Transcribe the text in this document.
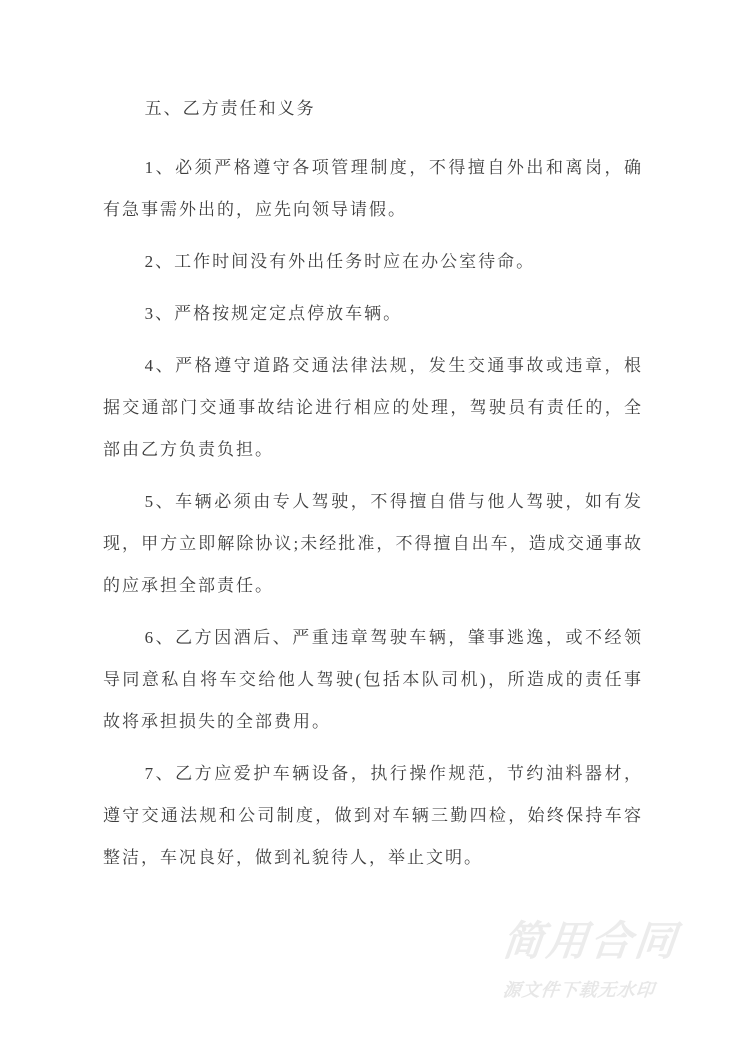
五、乙方责任和义务

1、必须严格遵守各项管理制度，不得擅自外出和离岗，确有急事需外出的，应先向领导请假。

2、工作时间没有外出任务时应在办公室待命。

3、严格按规定定点停放车辆。

4、严格遵守道路交通法律法规，发生交通事故或违章，根据交通部门交通事故结论进行相应的处理，驾驶员有责任的，全部由乙方负责负担。

5、车辆必须由专人驾驶，不得擅自借与他人驾驶，如有发现，甲方立即解除协议;未经批准，不得擅自出车，造成交通事故的应承担全部责任。

6、乙方因酒后、严重违章驾驶车辆，肇事逃逸，或不经领导同意私自将车交给他人驾驶(包括本队司机)，所造成的责任事故将承担损失的全部费用。

7、乙方应爱护车辆设备，执行操作规范，节约油料器材，遵守交通法规和公司制度，做到对车辆三勤四检，始终保持车容整洁，车况良好，做到礼貌待人，举止文明。

简用合同
源文件下载无水印
